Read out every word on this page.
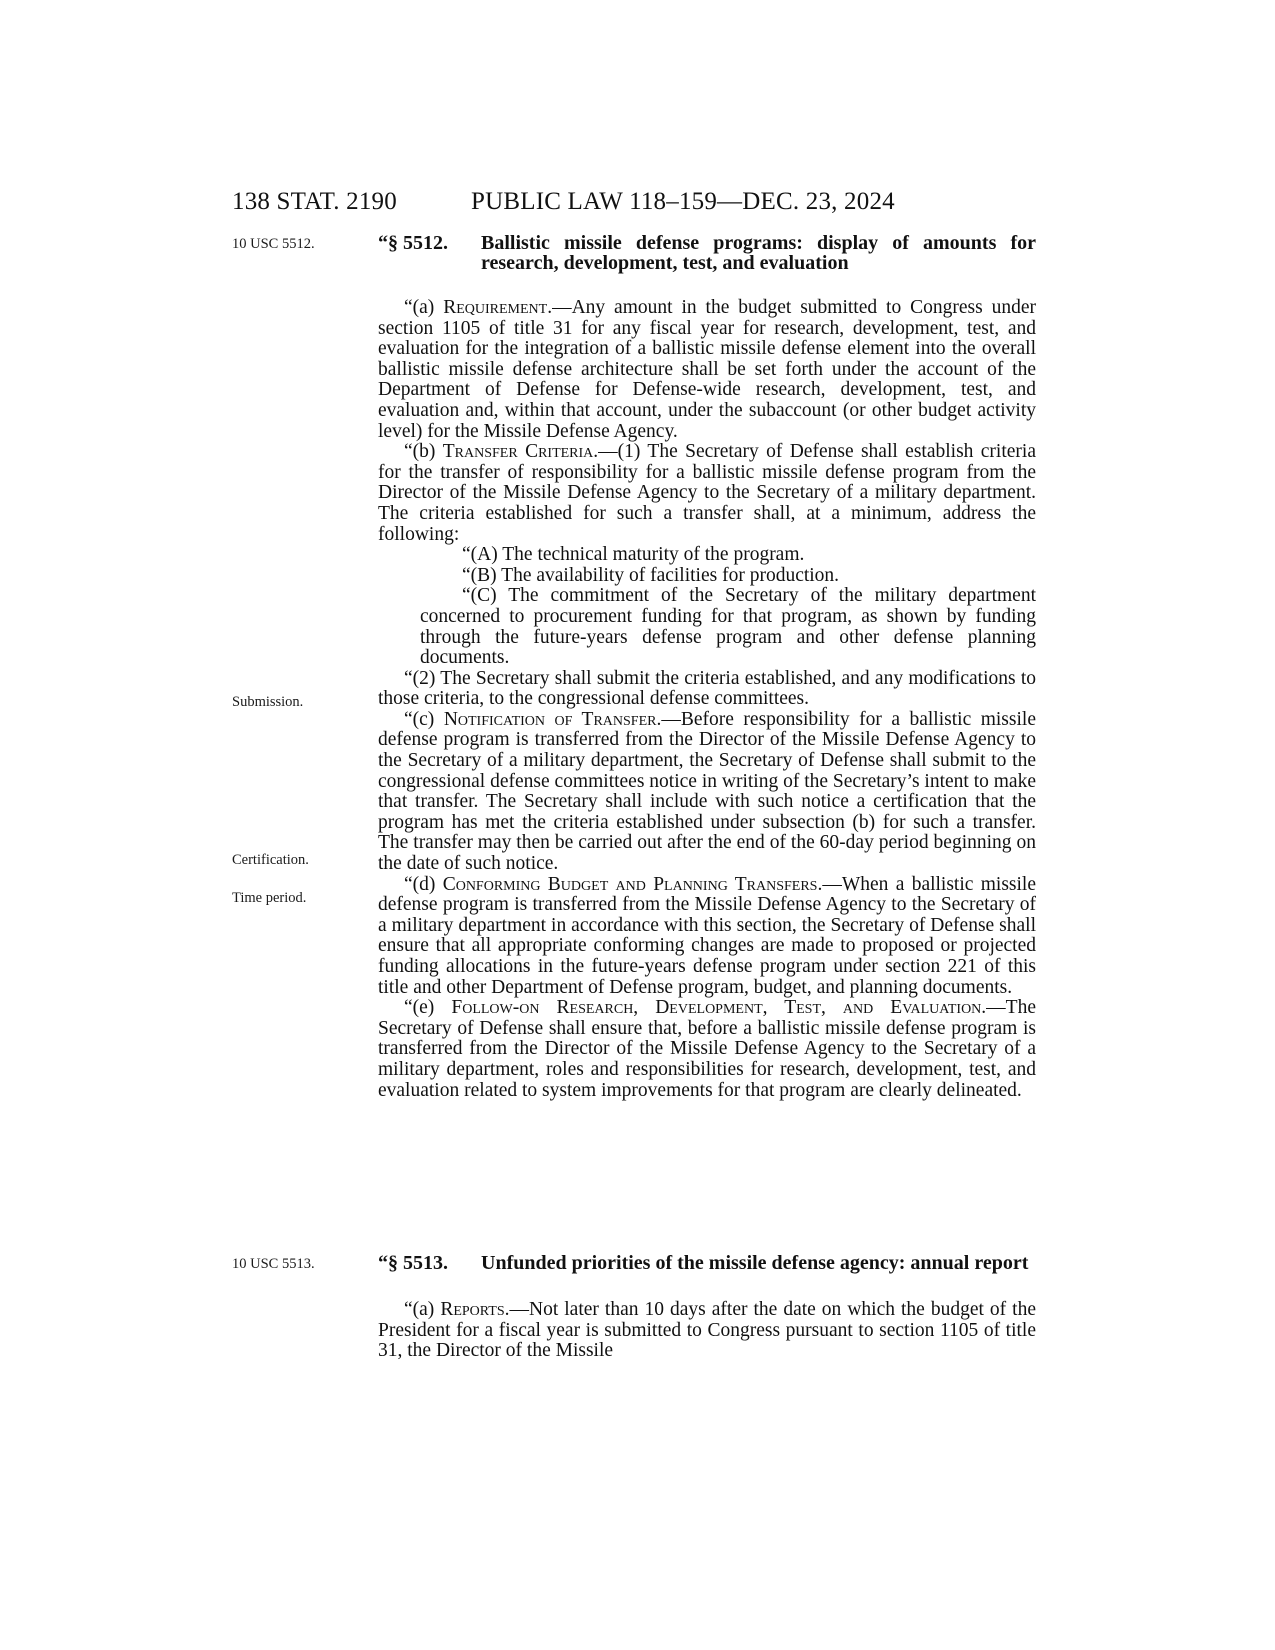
138 STAT. 2190	PUBLIC LAW 118–159—DEC. 23, 2024
10 USC 5512.
Submission.
Certification.
Time period.
10 USC 5513.
“§ 5512. Ballistic missile defense programs: display of amounts for research, development, test, and evaluation

“(a) Requirement.—Any amount in the budget submitted to Congress under section 1105 of title 31 for any fiscal year for research, development, test, and evaluation for the integration of a ballistic missile defense element into the overall ballistic missile defense architecture shall be set forth under the account of the Department of Defense for Defense-wide research, development, test, and evaluation and, within that account, under the subaccount (or other budget activity level) for the Missile Defense Agency.

“(b) Transfer Criteria.—(1) The Secretary of Defense shall establish criteria for the transfer of responsibility for a ballistic missile defense program from the Director of the Missile Defense Agency to the Secretary of a military department. The criteria established for such a transfer shall, at a minimum, address the following:

“(A) The technical maturity of the program.

“(B) The availability of facilities for production.

“(C) The commitment of the Secretary of the military department concerned to procurement funding for that program, as shown by funding through the future-years defense program and other defense planning documents.

“(2) The Secretary shall submit the criteria established, and any modifications to those criteria, to the congressional defense committees.

“(c) Notification of Transfer.—Before responsibility for a ballistic missile defense program is transferred from the Director of the Missile Defense Agency to the Secretary of a military department, the Secretary of Defense shall submit to the congressional defense committees notice in writing of the Secretary’s intent to make that transfer. The Secretary shall include with such notice a certification that the program has met the criteria established under subsection (b) for such a transfer. The transfer may then be carried out after the end of the 60-day period beginning on the date of such notice.

“(d) Conforming Budget and Planning Transfers.—When a ballistic missile defense program is transferred from the Missile Defense Agency to the Secretary of a military department in accordance with this section, the Secretary of Defense shall ensure that all appropriate conforming changes are made to proposed or projected funding allocations in the future-years defense program under section 221 of this title and other Department of Defense program, budget, and planning documents.

“(e) Follow-on Research, Development, Test, and Evaluation.—The Secretary of Defense shall ensure that, before a ballistic missile defense program is transferred from the Director of the Missile Defense Agency to the Secretary of a military department, roles and responsibilities for research, development, test, and evaluation related to system improvements for that program are clearly delineated.

“§ 5513. Unfunded priorities of the missile defense agency: annual report

“(a) Reports.—Not later than 10 days after the date on which the budget of the President for a fiscal year is submitted to Congress pursuant to section 1105 of title 31, the Director of the Missile
